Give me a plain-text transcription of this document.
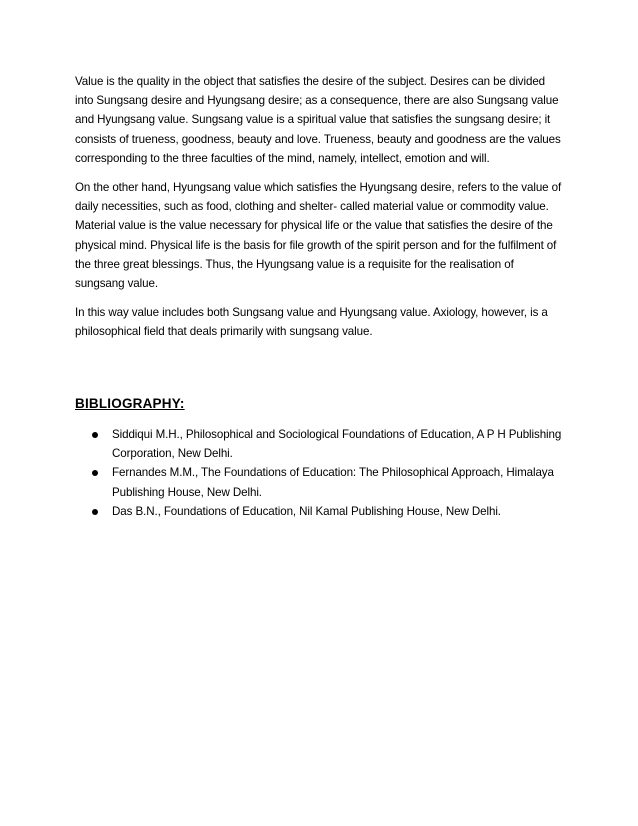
Value is the quality in the object that satisfies the desire of the subject. Desires can be divided into Sungsang desire and Hyungsang desire; as a consequence, there are also Sungsang value and Hyungsang value. Sungsang value is a spiritual value that satisfies the sungsang desire; it consists of trueness, goodness, beauty and love. Trueness, beauty and goodness are the values corresponding to the three faculties of the mind, namely, intellect, emotion and will.

On the other hand, Hyungsang value which satisfies the Hyungsang desire, refers to the value of daily necessities, such as food, clothing and shelter- called material value or commodity value. Material value is the value necessary for physical life or the value that satisfies the desire of the physical mind. Physical life is the basis for file growth of the spirit person and for the fulfilment of the three great blessings. Thus, the Hyungsang value is a requisite for the realisation of sungsang value.

In this way value includes both Sungsang value and Hyungsang value. Axiology, however, is a philosophical field that deals primarily with sungsang value.

BIBLIOGRAPHY:
Siddiqui M.H., Philosophical and Sociological Foundations of Education, A P H Publishing Corporation, New Delhi.
Fernandes M.M., The Foundations of Education: The Philosophical Approach, Himalaya Publishing House, New Delhi.
Das B.N., Foundations of Education, Nil Kamal Publishing House, New Delhi.
